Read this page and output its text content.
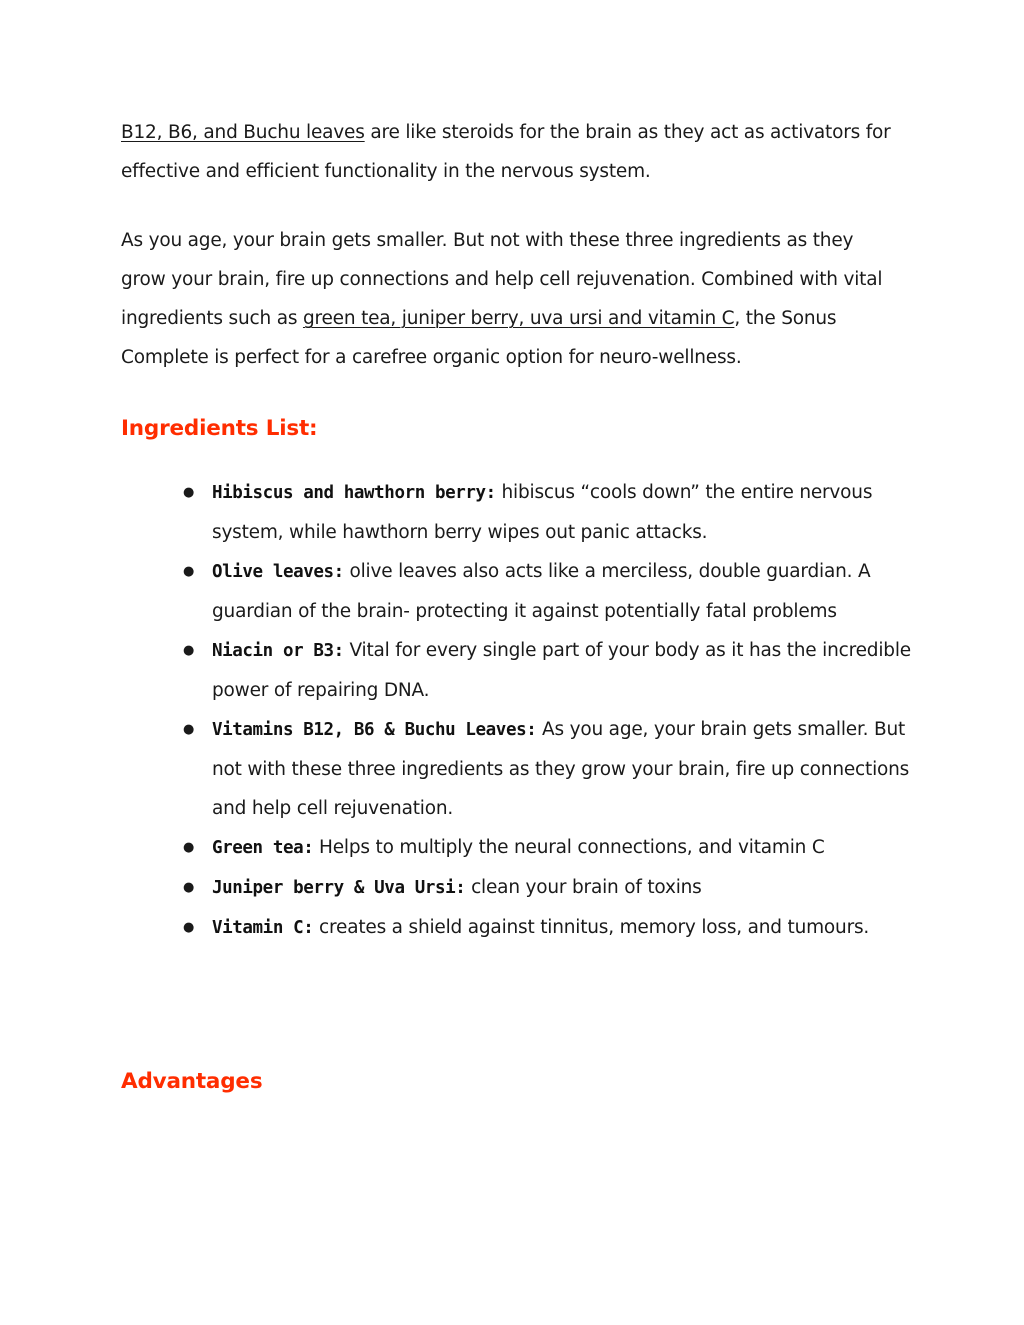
B12, B6, and Buchu leaves are like steroids for the brain as they act as activators for effective and efficient functionality in the nervous system.

As you age, your brain gets smaller. But not with these three ingredients as they grow your brain, fire up connections and help cell rejuvenation. Combined with vital ingredients such as green tea, juniper berry, uva ursi and vitamin C, the Sonus Complete is perfect for a carefree organic option for neuro-wellness.

Ingredients List:
● Hibiscus and hawthorn berry: hibiscus “cools down” the entire nervous system, while hawthorn berry wipes out panic attacks.
● Olive leaves: olive leaves also acts like a merciless, double guardian. A guardian of the brain- protecting it against potentially fatal problems
● Niacin or B3: Vital for every single part of your body as it has the incredible power of repairing DNA.
● Vitamins B12, B6 & Buchu Leaves: As you age, your brain gets smaller. But not with these three ingredients as they grow your brain, fire up connections and help cell rejuvenation.
● Green tea: Helps to multiply the neural connections, and vitamin C
● Juniper berry & Uva Ursi: clean your brain of toxins
● Vitamin C: creates a shield against tinnitus, memory loss, and tumours.
Advantages
